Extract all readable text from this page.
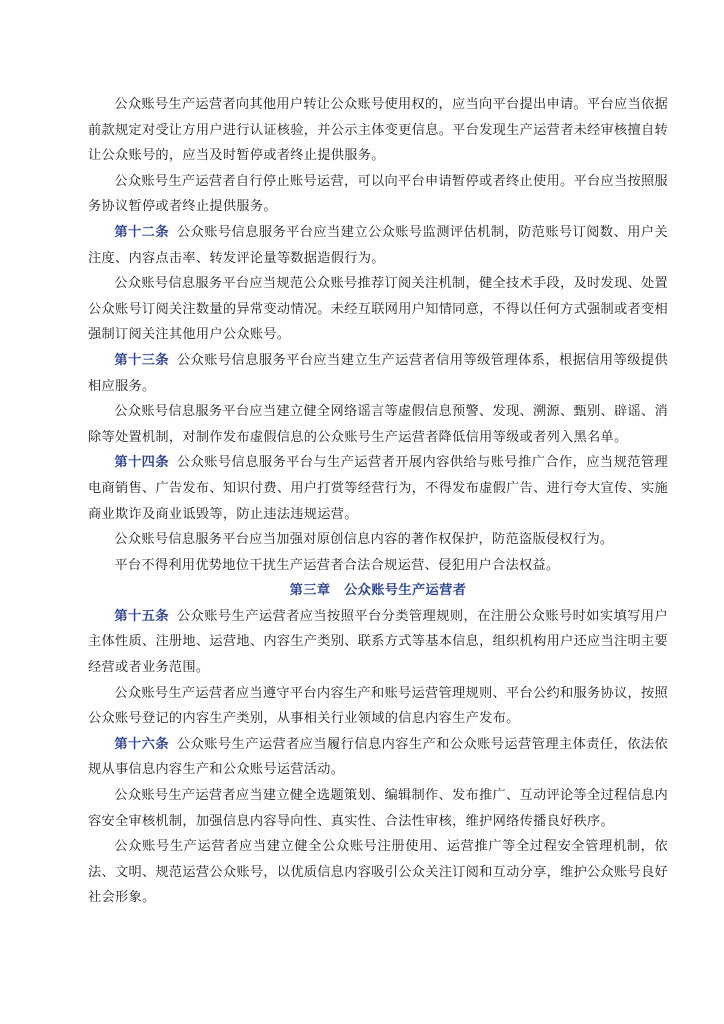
公众账号生产运营者向其他用户转让公众账号使用权的，应当向平台提出申请。平台应当依据前款规定对受让方用户进行认证核验，并公示主体变更信息。平台发现生产运营者未经审核擅自转让公众账号的，应当及时暂停或者终止提供服务。

公众账号生产运营者自行停止账号运营，可以向平台申请暂停或者终止使用。平台应当按照服务协议暂停或者终止提供服务。

第十二条 公众账号信息服务平台应当建立公众账号监测评估机制，防范账号订阅数、用户关注度、内容点击率、转发评论量等数据造假行为。

公众账号信息服务平台应当规范公众账号推荐订阅关注机制，健全技术手段，及时发现、处置公众账号订阅关注数量的异常变动情况。未经互联网用户知情同意，不得以任何方式强制或者变相强制订阅关注其他用户公众账号。

第十三条 公众账号信息服务平台应当建立生产运营者信用等级管理体系，根据信用等级提供相应服务。

公众账号信息服务平台应当建立健全网络谣言等虚假信息预警、发现、溯源、甄别、辟谣、消除等处置机制，对制作发布虚假信息的公众账号生产运营者降低信用等级或者列入黑名单。

第十四条 公众账号信息服务平台与生产运营者开展内容供给与账号推广合作，应当规范管理电商销售、广告发布、知识付费、用户打赏等经营行为，不得发布虚假广告、进行夸大宣传、实施商业欺诈及商业诋毁等，防止违法违规运营。

公众账号信息服务平台应当加强对原创信息内容的著作权保护，防范盗版侵权行为。

平台不得利用优势地位干扰生产运营者合法合规运营、侵犯用户合法权益。

第三章　公众账号生产运营者

第十五条 公众账号生产运营者应当按照平台分类管理规则，在注册公众账号时如实填写用户主体性质、注册地、运营地、内容生产类别、联系方式等基本信息，组织机构用户还应当注明主要经营或者业务范围。

公众账号生产运营者应当遵守平台内容生产和账号运营管理规则、平台公约和服务协议，按照公众账号登记的内容生产类别，从事相关行业领域的信息内容生产发布。

第十六条 公众账号生产运营者应当履行信息内容生产和公众账号运营管理主体责任，依法依规从事信息内容生产和公众账号运营活动。

公众账号生产运营者应当建立健全选题策划、编辑制作、发布推广、互动评论等全过程信息内容安全审核机制，加强信息内容导向性、真实性、合法性审核，维护网络传播良好秩序。

公众账号生产运营者应当建立健全公众账号注册使用、运营推广等全过程安全管理机制，依法、文明、规范运营公众账号，以优质信息内容吸引公众关注订阅和互动分享，维护公众账号良好社会形象。
